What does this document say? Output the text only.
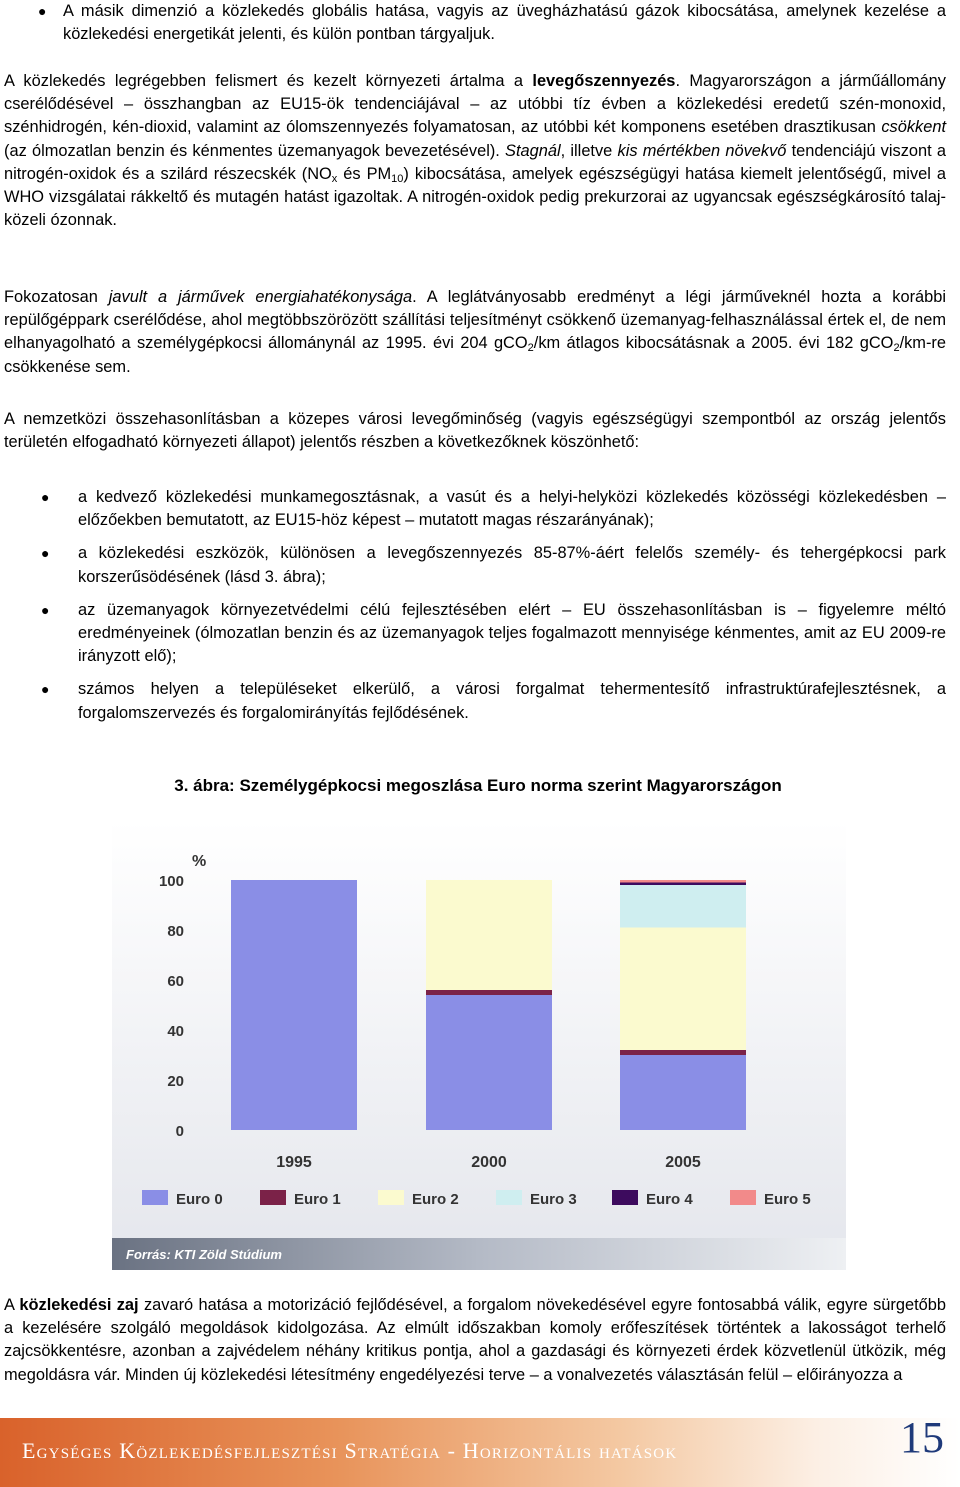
● A másik dimenzió a közlekedés globális hatása, vagyis az üvegházhatású gázok kibocsátása, amelynek kezelése a közlekedési energetikát jelenti, és külön pontban tárgyaljuk.

A közlekedés legrégebben felismert és kezelt környezeti ártalma a levegőszennyezés. Magyarországon a járműállomány cserélődésével – összhangban az EU15-ök tendenciájával – az utóbbi tíz évben a közlekedési eredetű szén-monoxid, szénhidrogén, kén-dioxid, valamint az ólomszennyezés folyamatosan, az utóbbi két komponens esetében drasztikusan csökkent (az ólmozatlan benzin és kénmentes üzemanyagok bevezetésével). Stagnál, illetve kis mértékben növekvő tendenciájú viszont a nitrogén-oxidok és a szilárd részecskék ($NO_x$ és $PM_{10}$) kibocsátása, amelyek egészségügyi hatása kiemelt jelentőségű, mivel a WHO vizsgálatai rákkeltő és mutagén hatást igazoltak. A nitrogén-oxidok pedig prekurzorai az ugyancsak egészségkárosító talaj-közeli ózonnak.

Fokozatosan javult a járművek energiahatékonysága. A leglátványosabb eredményt a légi járműveknél hozta a korábbi repülőgéppark cserélődése, ahol megtöbbszörözött szállítási teljesítményt csökkenő üzemanyag-felhasználással értek el, de nem elhanyagolható a személygépkocsi állománynál az 1995. évi 204 gCO$_2$/km átlagos kibocsátásnak a 2005. évi 182 gCO$_2$/km-re csökkenése sem.

A nemzetközi összehasonlításban a közepes városi levegőminőség (vagyis egészségügyi szempontból az ország jelentős területén elfogadható környezeti állapot) jelentős részben a következőknek köszönhető:

● a kedvező közlekedési munkamegosztásnak, a vasút és a helyi-helyközi közlekedés közösségi közlekedésben – előzőekben bemutatott, az EU15-höz képest – mutatott magas részarányának);
● a közlekedési eszközök, különösen a levegőszennyezés 85-87%-áért felelős személy- és tehergépkocsi park korszerűsödésének (lásd 3. ábra);
● az üzemanyagok környezetvédelmi célú fejlesztésében elért – EU összehasonlításban is – figyelemre méltó eredményeinek (ólmozatlan benzin és az üzemanyagok teljes fogalmazott mennyisége kénmentes, amit az EU 2009-re irányzott elő);
● számos helyen a településeket elkerülő, a városi forgalmat tehermentesítő infrastruktúrafejlesztésnek, a forgalomszervezés és forgalomirányítás fejlődésének.
3. ábra: Személygépkocsi megoszlása Euro norma szerint Magyarországon
%
0
20
40
60
80
100
1995	2000	2005
Euro 0	Euro 1	Euro 2	Euro 3	Euro 4	Euro 5
Forrás: KTI Zöld Stúdium

A közlekedési zaj zavaró hatása a motorizáció fejlődésével, a forgalom növekedésével egyre fontosabbá válik, egyre sürgetőbb a kezelésére szolgáló megoldások kidolgozása. Az elmúlt időszakban komoly erőfeszítések történtek a lakosságot terhelő zajcsökkentésre, azonban a zajvédelem néhány kritikus pontja, ahol a gazdasági és környezeti érdek közvetlenül ütközik, még megoldásra vár. Minden új közlekedési létesítmény engedélyezési terve – a vonalvezetés választásán felül – előirányozza a

Egységes Közlekedésfejlesztési Stratégia - Horizontális hatások	15
